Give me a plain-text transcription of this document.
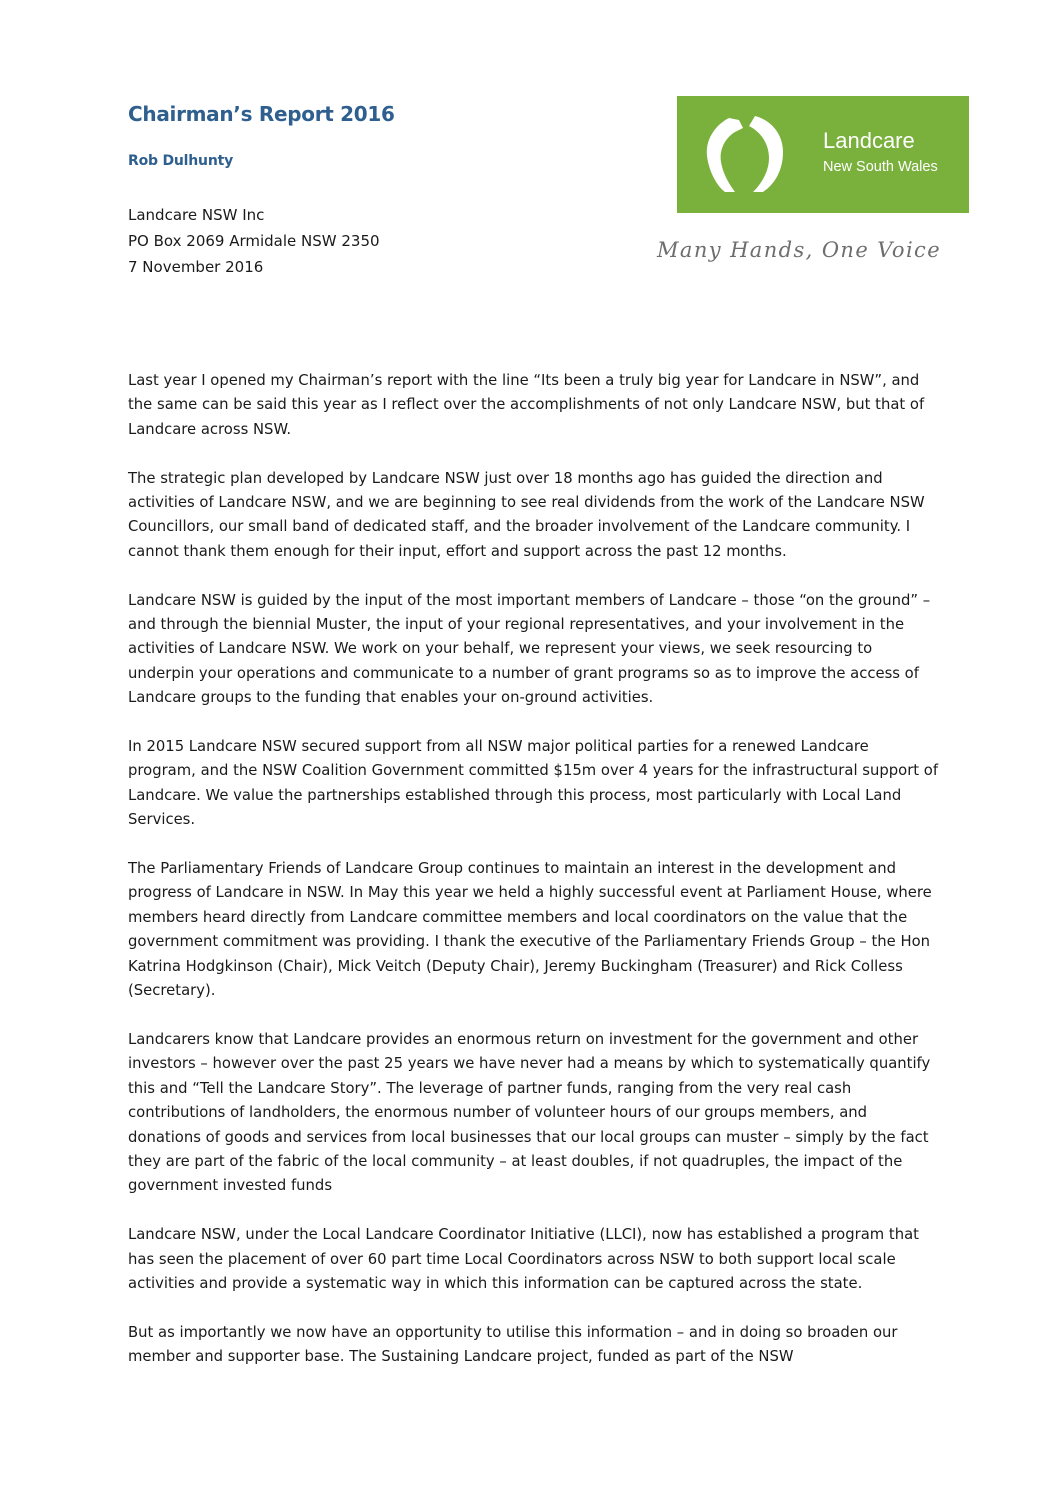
Chairman’s Report 2016
Rob Dulhunty
Landcare NSW Inc
PO Box 2069 Armidale NSW 2350
7 November 2016
Landcare
New South Wales
Many Hands, One Voice

Last year I opened my Chairman’s report with the line “Its been a truly big year for Landcare in NSW”, and the same can be said this year as I reflect over the accomplishments of not only Landcare NSW, but that of Landcare across NSW.

The strategic plan developed by Landcare NSW just over 18 months ago has guided the direction and activities of Landcare NSW, and we are beginning to see real dividends from the work of the Landcare NSW Councillors, our small band of dedicated staff, and the broader involvement of the Landcare community. I cannot thank them enough for their input, effort and support across the past 12 months.

Landcare NSW is guided by the input of the most important members of Landcare – those “on the ground” – and through the biennial Muster, the input of your regional representatives, and your involvement in the activities of Landcare NSW. We work on your behalf, we represent your views, we seek resourcing to underpin your operations and communicate to a number of grant programs so as to improve the access of Landcare groups to the funding that enables your on-ground activities.

In 2015 Landcare NSW secured support from all NSW major political parties for a renewed Landcare program, and the NSW Coalition Government committed $15m over 4 years for the infrastructural support of Landcare. We value the partnerships established through this process, most particularly with Local Land Services.

The Parliamentary Friends of Landcare Group continues to maintain an interest in the development and progress of Landcare in NSW. In May this year we held a highly successful event at Parliament House, where members heard directly from Landcare committee members and local coordinators on the value that the government commitment was providing. I thank the executive of the Parliamentary Friends Group – the Hon Katrina Hodgkinson (Chair), Mick Veitch (Deputy Chair), Jeremy Buckingham (Treasurer) and Rick Colless (Secretary).

Landcarers know that Landcare provides an enormous return on investment for the government and other investors – however over the past 25 years we have never had a means by which to systematically quantify this and “Tell the Landcare Story”. The leverage of partner funds, ranging from the very real cash contributions of landholders, the enormous number of volunteer hours of our groups members, and donations of goods and services from local businesses that our local groups can muster – simply by the fact they are part of the fabric of the local community – at least doubles, if not quadruples, the impact of the government invested funds

Landcare NSW, under the Local Landcare Coordinator Initiative (LLCI), now has established a program that has seen the placement of over 60 part time Local Coordinators across NSW to both support local scale activities and provide a systematic way in which this information can be captured across the state.

But as importantly we now have an opportunity to utilise this information – and in doing so broaden our member and supporter base. The Sustaining Landcare project, funded as part of the NSW
